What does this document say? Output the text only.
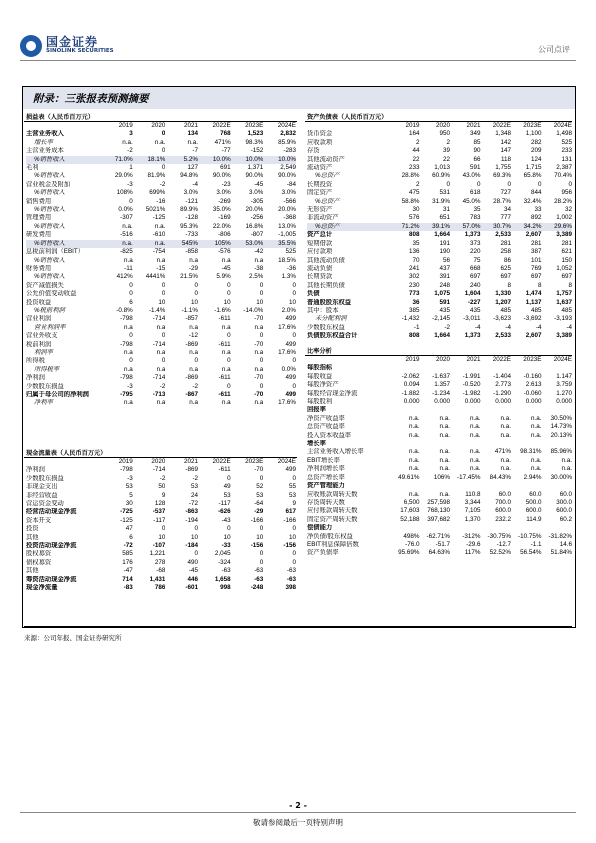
国金证券
SINOLINK SECURITIES	公司点评
附录：三张报表预测摘要
损益表（人民币百万元）	资产负债表（人民币百万元）
比率分析
现金流量表（人民币百万元）
	2019	2020	2021	2022E	2023E	2024E
主营业务收入	3	0	134	768	1,523	2,832
增长率	n.a.	n.a.	n.a.	471%	98.3%	85.9%
主营业务成本	-2	0	-7	-77	-152	-283
%销售收入	71.0%	18.1%	5.2%	10.0%	10.0%	10.0%
毛利	1	0	127	691	1,371	2,549
%销售收入	29.0%	81.9%	94.8%	90.0%	90.0%	90.0%
营业税金及附加	-3	-2	-4	-23	-45	-84
%销售收入	108%	699%	3.0%	3.0%	3.0%	3.0%
销售费用	0	-16	-121	-269	-305	-566
%销售收入	0.0%	5021%	89.9%	35.0%	20.0%	20.0%
管理费用	-307	-125	-128	-169	-256	-368
%销售收入	n.a.	n.a.	95.3%	22.0%	16.8%	13.0%
研发费用	-516	-610	-733	-806	-807	-1,005
%销售收入	n.a.	n.a.	545%	105%	53.0%	35.5%
息税前利润（EBIT）	-825	-754	-858	-576	-42	525
%销售收入	n.a	n.a	n.a	n.a	n.a	18.5%
财务费用	-11	-15	-29	-45	-38	-36
%销售收入	412%	4441%	21.5%	5.9%	2.5%	1.3%
资产减值损失	0	0	0	0	0	0
公允价值变动收益	0	0	0	0	0	0
投资收益	6	10	10	10	10	10
%税前利润	-0.8%	-1.4%	-1.1%	-1.6%	-14.0%	2.0%
营业利润	-798	-714	-857	-611	-70	499
营业利润率	n.a	n.a	n.a	n.a	n.a	17.6%
营业外收支	0	0	-12	0	0	0
税前利润	-798	-714	-869	-611	-70	499
利润率	n.a	n.a	n.a	n.a	n.a	17.6%
所得税	0	0	0	0	0	0
所得税率	n.a	n.a	n.a	n.a	n.a	0.0%
净利润	-798	-714	-869	-611	-70	499
少数股东损益	-3	-2	-2	0	0	0
归属于母公司的净利润	-795	-713	-867	-611	-70	499
净利率	n.a	n.a	n.a	n.a	n.a	17.6%
	2019	2020	2021	2022E	2023E	2024E
货币资金	164	950	349	1,348	1,100	1,498
应收款项	2	2	85	142	282	525
存货	44	39	90	147	209	233
其他流动资产	22	22	66	118	124	131
流动资产	233	1,013	591	1,755	1,715	2,387
%总资产	28.8%	60.9%	43.0%	69.3%	65.8%	70.4%
长期投资	2	0	0	0	0	0
固定资产	475	531	618	727	844	956
%总资产	58.8%	31.9%	45.0%	28.7%	32.4%	28.2%
无形资产	30	31	35	34	33	32
非流动资产	576	651	783	777	892	1,002
%总资产	71.2%	39.1%	57.0%	30.7%	34.2%	29.6%
资产总计	808	1,664	1,373	2,533	2,607	3,389
短期借款	35	191	373	281	281	281
应付款项	136	190	220	258	387	621
其他流动负债	70	56	75	86	101	150
流动负债	241	437	668	625	769	1,052
长期贷款	302	391	697	697	697	697
其他长期负债	230	248	240	8	8	8
负债	773	1,075	1,604	1,330	1,474	1,757
普通股股东权益	36	591	-227	1,207	1,137	1,637
其中：股本	385	435	435	485	485	485
未分配利润	-1,432	-2,145	-3,011	-3,623	-3,692	-3,193
少数股东权益	-1	-2	-4	-4	-4	-4
负债股东权益合计	808	1,664	1,373	2,533	2,607	3,389
	2019	2020	2021	2022E	2023E	2024E
每股指标						
每股收益	-2.062	-1.637	-1.991	-1.404	-0.160	1.147
每股净资产	0.094	1.357	-0.520	2.773	2.613	3.759
每股经营现金净流	-1.882	-1.234	-1.982	-1.290	-0.060	1.270
每股股利	0.000	0.000	0.000	0.000	0.000	0.000
回报率						
净资产收益率	n.a.	n.a.	n.a.	n.a.	n.a.	30.50%
总资产收益率	n.a.	n.a.	n.a.	n.a.	n.a.	14.73%
投入资本收益率	n.a.	n.a.	n.a.	n.a.	n.a.	20.13%
增长率						
主营业务收入增长率	n.a.	n.a.	n.a.	471%	98.31%	85.96%
EBIT增长率	n.a.	n.a.	n.a.	n.a.	n.a.	n.a.
净利润增长率	n.a.	n.a.	n.a.	n.a.	n.a.	n.a.
总资产增长率	49.61%	106%	-17.45%	84.43%	2.94%	30.00%
资产管理能力						
应收账款周转天数	n.a.	n.a.	110.8	60.0	60.0	60.0
存货周转天数	6,500	257,598	3,344	700.0	500.0	300.0
应付账款周转天数	17,603	768,130	7,105	600.0	600.0	600.0
固定资产周转天数	52,188	397,682	1,370	232.2	114.9	60.2
偿债能力						
净负债/股东权益	498%	-62.71%	-312%	-30.75%	-10.75%	-31.82%
EBIT利息保障倍数	-76.0	-51.7	-29.6	-12.7	-1.1	14.6
资产负债率	95.69%	64.63%	117%	52.52%	56.54%	51.84%
	2019	2020	2021	2022E	2023E	2024E
净利润	-798	-714	-869	-611	-70	499
少数股东损益	-3	-2	-2	0	0	0
非现金支出	53	50	53	49	52	55
非经营收益	5	9	24	53	53	53
营运资金变动	30	128	-72	-117	-64	9
经营活动现金净流	-725	-537	-863	-626	-29	617
资本开支	-125	-117	-194	-43	-166	-166
投资	47	0	0	0	0	0
其他	6	10	10	10	10	10
投资活动现金净流	-72	-107	-184	-33	-156	-156
股权募资	585	1,221	0	2,045	0	0
债权募资	176	278	490	-324	0	0
其他	-47	-68	-45	-63	-63	-63
筹资活动现金净流	714	1,431	446	1,658	-63	-63
现金净流量	-83	786	-601	998	-248	398
来源：公司年报、国金证券研究所
- 2 -
敬请参阅最后一页特别声明
